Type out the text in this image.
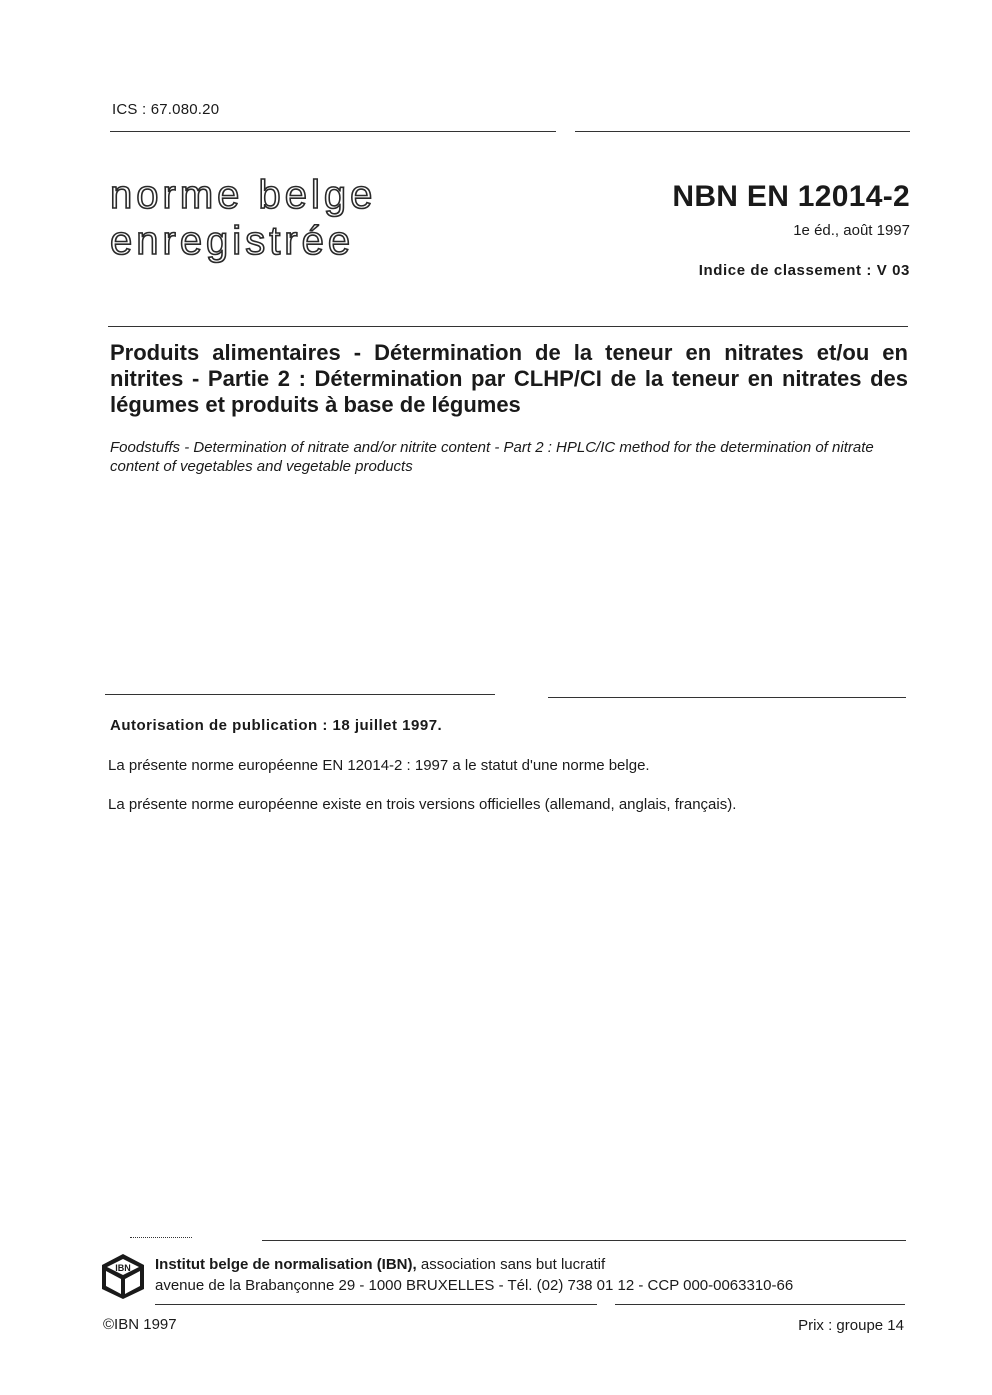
ICS : 67.080.20
norme belge
enregistrée
NBN EN 12014-2
1e éd., août 1997
Indice de classement : V 03
Produits alimentaires - Détermination de la teneur en nitrates et/ou en nitrites - Partie 2 : Détermination par CLHP/CI de la teneur en nitrates des légumes et produits à base de légumes
Foodstuffs - Determination of nitrate and/or nitrite content - Part 2 : HPLC/IC method for the determination of nitrate content of vegetables and vegetable products
Autorisation de publication : 18 juillet 1997.
La présente norme européenne EN 12014-2 : 1997 a le statut d'une norme belge.
La présente norme européenne existe en trois versions officielles (allemand, anglais, français).
IBN Institut belge de normalisation (IBN), association sans but lucratif
avenue de la Brabançonne 29 - 1000 BRUXELLES - Tél. (02) 738 01 12 - CCP 000-0063310-66
©IBN 1997	Prix : groupe 14
